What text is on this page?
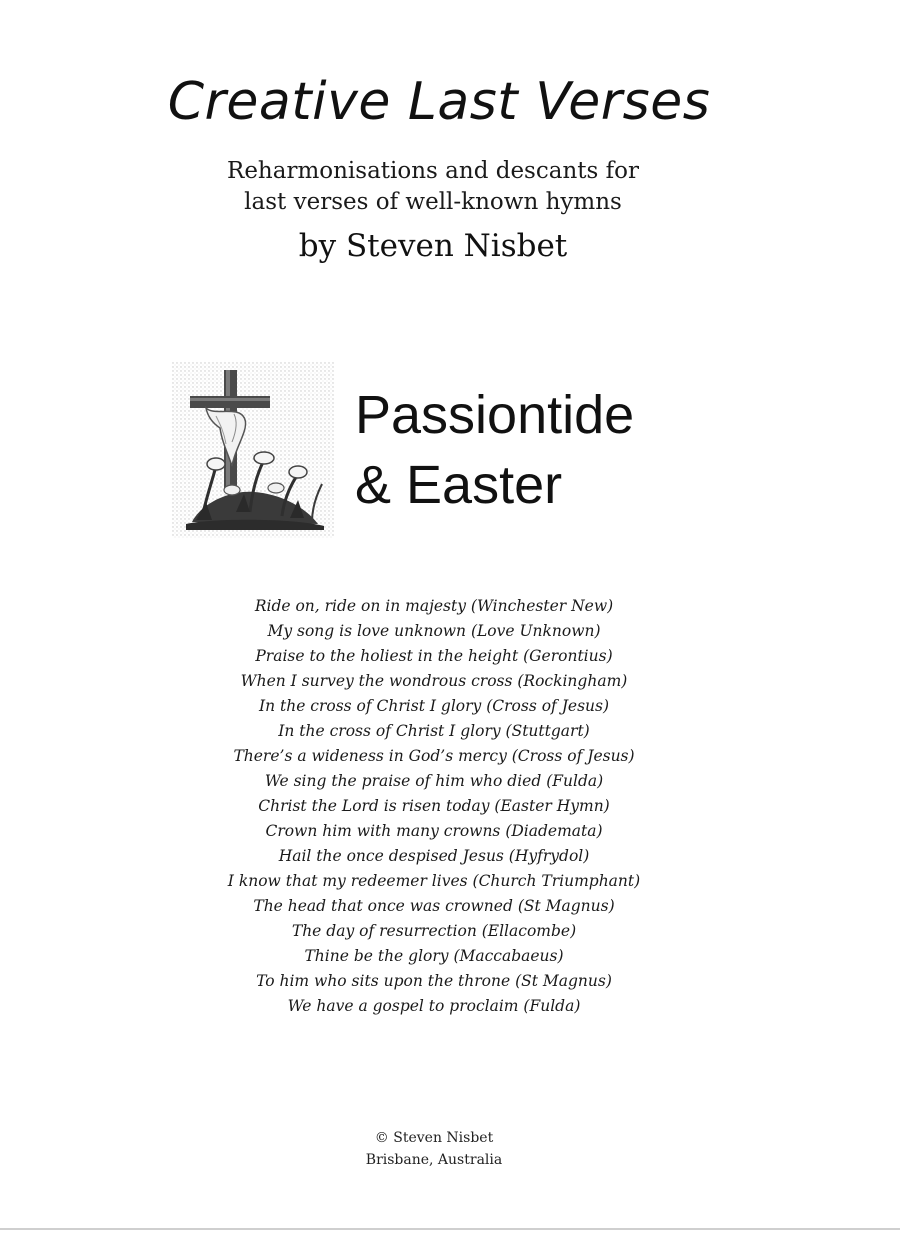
Creative Last Verses
Reharmonisations and descants for
last verses of well-known hymns
by Steven Nisbet
Passiontide
& Easter
Ride on, ride on in majesty (Winchester New)
My song is love unknown (Love Unknown)
Praise to the holiest in the height (Gerontius)
When I survey the wondrous cross (Rockingham)
In the cross of Christ I glory (Cross of Jesus)
In the cross of Christ I glory (Stuttgart)
There’s a wideness in God’s mercy (Cross of Jesus)
We sing the praise of him who died (Fulda)
Christ the Lord is risen today (Easter Hymn)
Crown him with many crowns (Diademata)
Hail the once despised Jesus (Hyfrydol)
I know that my redeemer lives (Church Triumphant)
The head that once was crowned (St Magnus)
The day of resurrection (Ellacombe)
Thine be the glory (Maccabaeus)
To him who sits upon the throne (St Magnus)
We have a gospel to proclaim (Fulda)
© Steven Nisbet
Brisbane, Australia
